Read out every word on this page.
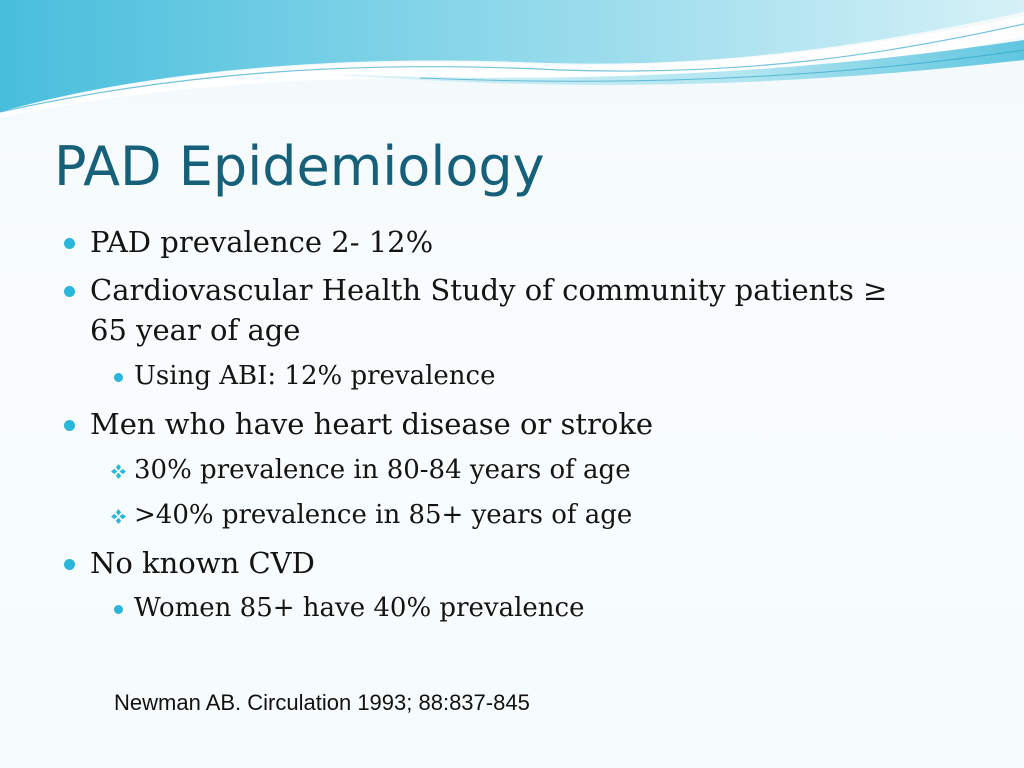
PAD Epidemiology
PAD prevalence 2- 12%
Cardiovascular Health Study of community patients ≥
65 year of age
Using ABI: 12% prevalence
Men who have heart disease or stroke
30% prevalence in 80-84 years of age
>40% prevalence in 85+ years of age
No known CVD
Women 85+ have 40% prevalence
Newman AB. Circulation 1993; 88:837-845
